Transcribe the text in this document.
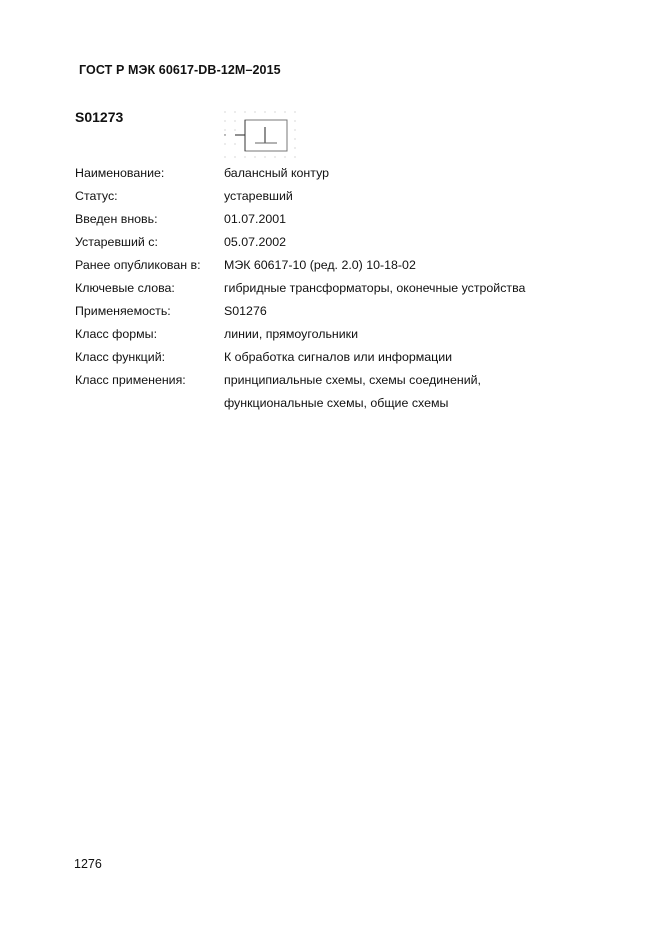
ГОСТ Р МЭК 60617-DB-12M–2015
S01273
Наименование:	балансный контур
Статус:	устаревший
Введен вновь:	01.07.2001
Устаревший с:	05.07.2002
Ранее опубликован в: МЭК 60617-10 (ред. 2.0) 10-18-02
Ключевые слова:	гибридные трансформаторы, оконечные устройства
Применяемость:	S01276
Класс формы:	линии, прямоугольники
Класс функций:	К обработка сигналов или информации
Класс применения:	принципиальные схемы, схемы соединений,
функциональные схемы, общие схемы
1276
